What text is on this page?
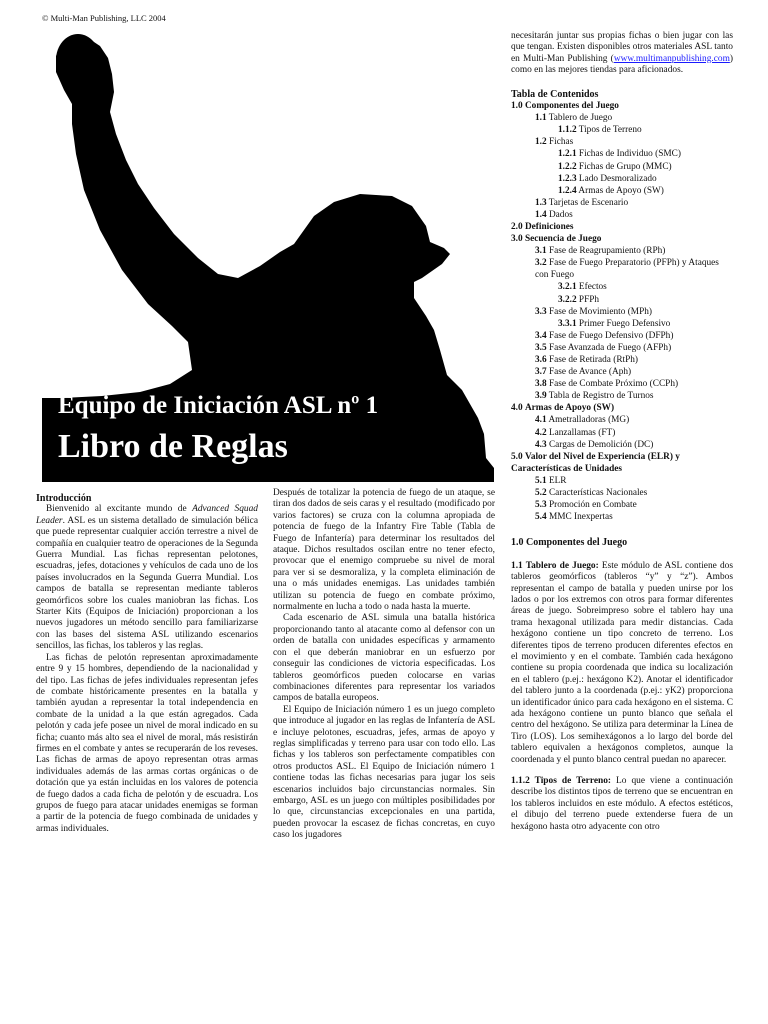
© Multi-Man Publishing, LLC 2004
Equipo de Iniciación ASL nº 1
Libro de Reglas

Introducción

Bienvenido al excitante mundo de Advanced Squad Leader. ASL es un sistema detallado de simulación bélica que puede representar cualquier acción terrestre a nivel de compañía en cualquier teatro de operaciones de la Segunda Guerra Mundial. Las fichas representan pelotones, escuadras, jefes, dotaciones y vehículos de cada uno de los países involucrados en la Segunda Guerra Mundial. Los campos de batalla se representan mediante tableros geomórficos sobre los cuales maniobran las fichas. Los Starter Kits (Equipos de Iniciación) proporcionan a los nuevos jugadores un método sencillo para familiarizarse con las bases del sistema ASL utilizando escenarios sencillos, las fichas, los tableros y las reglas.

Las fichas de pelotón representan aproximadamente entre 9 y 15 hombres, dependiendo de la nacionalidad y del tipo. Las fichas de jefes individuales representan jefes de combate históricamente presentes en la batalla y también ayudan a representar la total independencia en combate de la unidad a la que están agregados. Cada pelotón y cada jefe posee un nivel de moral indicado en su ficha; cuanto más alto sea el nivel de moral, más resistirán firmes en el combate y antes se recuperarán de los reveses. Las fichas de armas de apoyo representan otras armas individuales además de las armas cortas orgánicas o de dotación que ya están incluidas en los valores de potencia de fuego dados a cada ficha de pelotón y de escuadra. Los grupos de fuego para atacar unidades enemigas se forman a partir de la potencia de fuego combinada de unidades y armas individuales.

Después de totalizar la potencia de fuego de un ataque, se tiran dos dados de seis caras y el resultado (modificado por varios factores) se cruza con la columna apropiada de potencia de fuego de la Infantry Fire Table (Tabla de Fuego de Infantería) para determinar los resultados del ataque. Dichos resultados oscilan entre no tener efecto, provocar que el enemigo compruebe su nivel de moral para ver si se desmoraliza, y la completa eliminación de una o más unidades enemigas. Las unidades también utilizan su potencia de fuego en combate próximo, normalmente en lucha a todo o nada hasta la muerte.

Cada escenario de ASL simula una batalla histórica proporcionando tanto al atacante como al defensor con un orden de batalla con unidades específicas y armamento con el que deberán maniobrar en un esfuerzo por conseguir las condiciones de victoria especificadas. Los tableros geomórficos pueden colocarse en varias combinaciones diferentes para representar los variados campos de batalla europeos.

El Equipo de Iniciación número 1 es un juego completo que introduce al jugador en las reglas de Infantería de ASL e incluye pelotones, escuadras, jefes, armas de apoyo y reglas simplificadas y terreno para usar con todo ello. Las fichas y los tableros son perfectamente compatibles con otros productos ASL. El Equipo de Iniciación número 1 contiene todas las fichas necesarias para jugar los seis escenarios incluidos bajo circunstancias normales. Sin embargo, ASL es un juego con múltiples posibilidades por lo que, circunstancias excepcionales en una partida, pueden provocar la escasez de fichas concretas, en cuyo caso los jugadores

necesitarán juntar sus propias fichas o bien jugar con las que tengan. Existen disponibles otros materiales ASL tanto en Multi-Man Publishing (www.multimanpublishing.com) como en las mejores tiendas para aficionados.

Tabla de Contenidos
1.0 Componentes del Juego
1.1 Tablero de Juego
1.1.2 Tipos de Terreno
1.2 Fichas
1.2.1 Fichas de Individuo (SMC)
1.2.2 Fichas de Grupo (MMC)
1.2.3 Lado Desmoralizado
1.2.4 Armas de Apoyo (SW)
1.3 Tarjetas de Escenario
1.4 Dados
2.0 Definiciones
3.0 Secuencia de Juego
3.1 Fase de Reagrupamiento (RPh)
3.2 Fase de Fuego Preparatorio (PFPh) y Ataques con Fuego
3.2.1 Efectos
3.2.2 PFPh
3.3 Fase de Movimiento (MPh)
3.3.1 Primer Fuego Defensivo
3.4 Fase de Fuego Defensivo (DFPh)
3.5 Fase Avanzada de Fuego (AFPh)
3.6 Fase de Retirada (RtPh)
3.7 Fase de Avance (Aph)
3.8 Fase de Combate Próximo (CCPh)
3.9 Tabla de Registro de Turnos
4.0 Armas de Apoyo (SW)
4.1 Ametralladoras (MG)
4.2 Lanzallamas (FT)
4.3 Cargas de Demolición (DC)
5.0 Valor del Nivel de Experiencia (ELR) y Características de Unidades
5.1 ELR
5.2 Características Nacionales
5.3 Promoción en Combate
5.4 MMC Inexpertas
1.0 Componentes del Juego

1.1 Tablero de Juego: Este módulo de ASL contiene dos tableros geomórficos (tableros “y” y “z”). Ambos representan el campo de batalla y pueden unirse por los lados o por los extremos con otros para formar diferentes áreas de juego. Sobreimpreso sobre el tablero hay una trama hexagonal utilizada para medir distancias. Cada hexágono contiene un tipo concreto de terreno. Los diferentes tipos de terreno producen diferentes efectos en el movimiento y en el combate. También cada hexágono contiene su propia coordenada que indica su localización en el tablero (p.ej.: hexágono K2). Anotar el identificador del tablero junto a la coordenada (p.ej.: yK2) proporciona un identificador único para cada hexágono en el sistema. C ada hexágono contiene un punto blanco que señala el centro del hexágono. Se utiliza para determinar la Línea de Tiro (LOS). Los semihexágonos a lo largo del borde del tablero equivalen a hexágonos completos, aunque la coordenada y el punto blanco central puedan no aparecer.

1.1.2 Tipos de Terreno: Lo que viene a continuación describe los distintos tipos de terreno que se encuentran en los tableros incluidos en este módulo. A efectos estéticos, el dibujo del terreno puede extenderse fuera de un hexágono hasta otro adyacente con otro
